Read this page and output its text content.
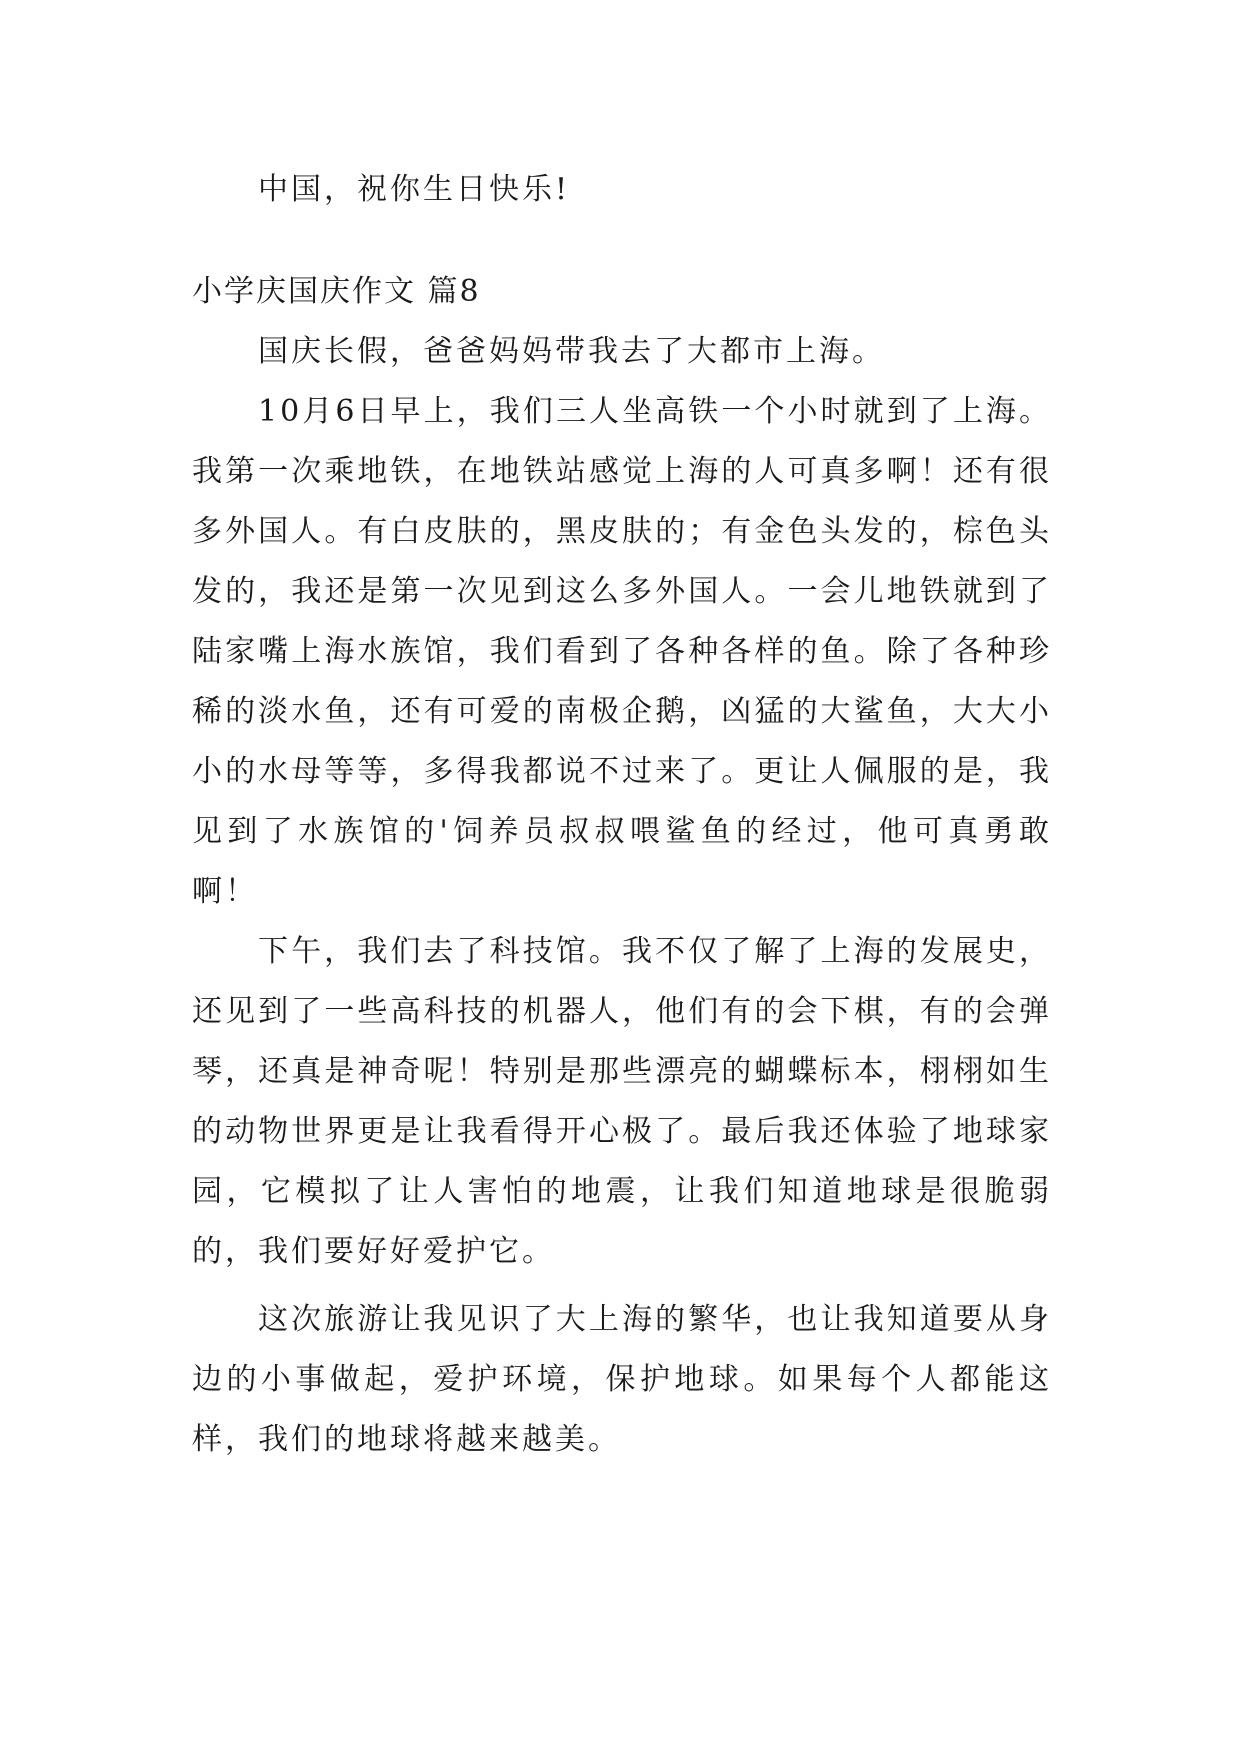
中国，祝你生日快乐!

小学庆国庆作文 篇8

国庆长假，爸爸妈妈带我去了大都市上海。

10月6日早上，我们三人坐高铁一个小时就到了上海。我第一次乘地铁，在地铁站感觉上海的人可真多啊！还有很多外国人。有白皮肤的，黑皮肤的；有金色头发的，棕色头发的，我还是第一次见到这么多外国人。一会儿地铁就到了陆家嘴上海水族馆，我们看到了各种各样的鱼。除了各种珍稀的淡水鱼，还有可爱的南极企鹅，凶猛的大鲨鱼，大大小小的水母等等，多得我都说不过来了。更让人佩服的是，我见到了水族馆的'饲养员叔叔喂鲨鱼的经过，他可真勇敢啊！

下午，我们去了科技馆。我不仅了解了上海的发展史，还见到了一些高科技的机器人，他们有的会下棋，有的会弹琴，还真是神奇呢！特别是那些漂亮的蝴蝶标本，栩栩如生的动物世界更是让我看得开心极了。最后我还体验了地球家园，它模拟了让人害怕的地震，让我们知道地球是很脆弱的，我们要好好爱护它。

这次旅游让我见识了大上海的繁华，也让我知道要从身边的小事做起，爱护环境，保护地球。如果每个人都能这样，我们的地球将越来越美。
